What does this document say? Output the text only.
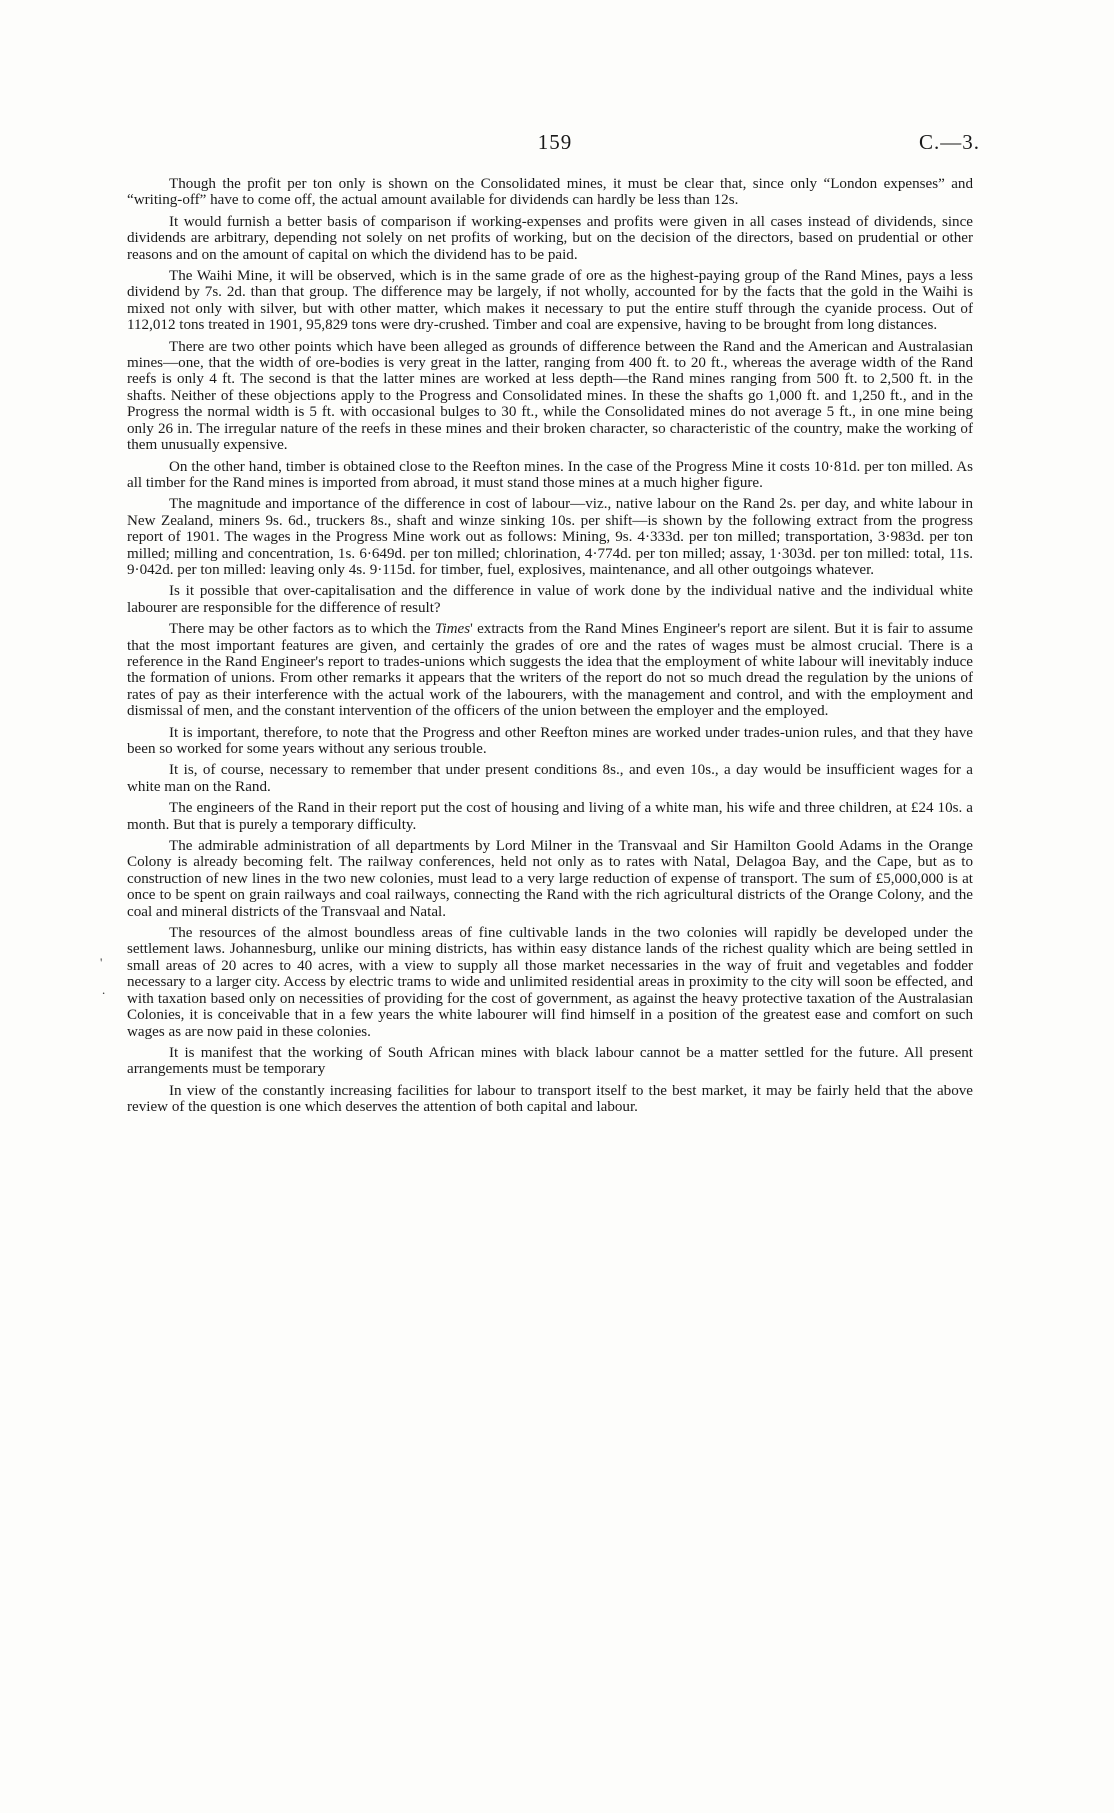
159	C.—3.
'
.

Though the profit per ton only is shown on the Consolidated mines, it must be clear that, since only “London expenses” and “writing-off” have to come off, the actual amount available for dividends can hardly be less than 12s.

It would furnish a better basis of comparison if working-expenses and profits were given in all cases instead of dividends, since dividends are arbitrary, depending not solely on net profits of working, but on the decision of the directors, based on prudential or other reasons and on the amount of capital on which the dividend has to be paid.

The Waihi Mine, it will be observed, which is in the same grade of ore as the highest-paying group of the Rand Mines, pays a less dividend by 7s. 2d. than that group. The difference may be largely, if not wholly, accounted for by the facts that the gold in the Waihi is mixed not only with silver, but with other matter, which makes it necessary to put the entire stuff through the cyanide process. Out of 112,012 tons treated in 1901, 95,829 tons were dry-crushed. Timber and coal are expensive, having to be brought from long distances.

There are two other points which have been alleged as grounds of difference between the Rand and the American and Australasian mines—one, that the width of ore-bodies is very great in the latter, ranging from 400 ft. to 20 ft., whereas the average width of the Rand reefs is only 4 ft. The second is that the latter mines are worked at less depth—the Rand mines ranging from 500 ft. to 2,500 ft. in the shafts. Neither of these objections apply to the Progress and Consolidated mines. In these the shafts go 1,000 ft. and 1,250 ft., and in the Progress the normal width is 5 ft. with occasional bulges to 30 ft., while the Consolidated mines do not average 5 ft., in one mine being only 26 in. The irregular nature of the reefs in these mines and their broken character, so characteristic of the country, make the working of them unusually expensive.

On the other hand, timber is obtained close to the Reefton mines. In the case of the Progress Mine it costs 10·81d. per ton milled. As all timber for the Rand mines is imported from abroad, it must stand those mines at a much higher figure.

The magnitude and importance of the difference in cost of labour—viz., native labour on the Rand 2s. per day, and white labour in New Zealand, miners 9s. 6d., truckers 8s., shaft and winze sinking 10s. per shift—is shown by the following extract from the progress report of 1901. The wages in the Progress Mine work out as follows: Mining, 9s. 4·333d. per ton milled; transportation, 3·983d. per ton milled; milling and concentration, 1s. 6·649d. per ton milled; chlorination, 4·774d. per ton milled; assay, 1·303d. per ton milled: total, 11s. 9·042d. per ton milled: leaving only 4s. 9·115d. for timber, fuel, explosives, maintenance, and all other outgoings whatever.

Is it possible that over-capitalisation and the difference in value of work done by the individual native and the individual white labourer are responsible for the difference of result?

There may be other factors as to which the Times' extracts from the Rand Mines Engineer's report are silent. But it is fair to assume that the most important features are given, and certainly the grades of ore and the rates of wages must be almost crucial. There is a reference in the Rand Engineer's report to trades-unions which suggests the idea that the employment of white labour will inevitably induce the formation of unions. From other remarks it appears that the writers of the report do not so much dread the regulation by the unions of rates of pay as their interference with the actual work of the labourers, with the management and control, and with the employment and dismissal of men, and the constant intervention of the officers of the union between the employer and the employed.

It is important, therefore, to note that the Progress and other Reefton mines are worked under trades-union rules, and that they have been so worked for some years without any serious trouble.

It is, of course, necessary to remember that under present conditions 8s., and even 10s., a day would be insufficient wages for a white man on the Rand.

The engineers of the Rand in their report put the cost of housing and living of a white man, his wife and three children, at £24 10s. a month. But that is purely a temporary difficulty.

The admirable administration of all departments by Lord Milner in the Transvaal and Sir Hamilton Goold Adams in the Orange Colony is already becoming felt. The railway conferences, held not only as to rates with Natal, Delagoa Bay, and the Cape, but as to construction of new lines in the two new colonies, must lead to a very large reduction of expense of transport. The sum of £5,000,000 is at once to be spent on grain railways and coal railways, connecting the Rand with the rich agricultural districts of the Orange Colony, and the coal and mineral districts of the Transvaal and Natal.

The resources of the almost boundless areas of fine cultivable lands in the two colonies will rapidly be developed under the settlement laws. Johannesburg, unlike our mining districts, has within easy distance lands of the richest quality which are being settled in small areas of 20 acres to 40 acres, with a view to supply all those market necessaries in the way of fruit and vegetables and fodder necessary to a larger city. Access by electric trams to wide and unlimited residential areas in proximity to the city will soon be effected, and with taxation based only on necessities of providing for the cost of government, as against the heavy protective taxation of the Australasian Colonies, it is conceivable that in a few years the white labourer will find himself in a position of the greatest ease and comfort on such wages as are now paid in these colonies.

It is manifest that the working of South African mines with black labour cannot be a matter settled for the future. All present arrangements must be temporary

In view of the constantly increasing facilities for labour to transport itself to the best market, it may be fairly held that the above review of the question is one which deserves the attention of both capital and labour.
